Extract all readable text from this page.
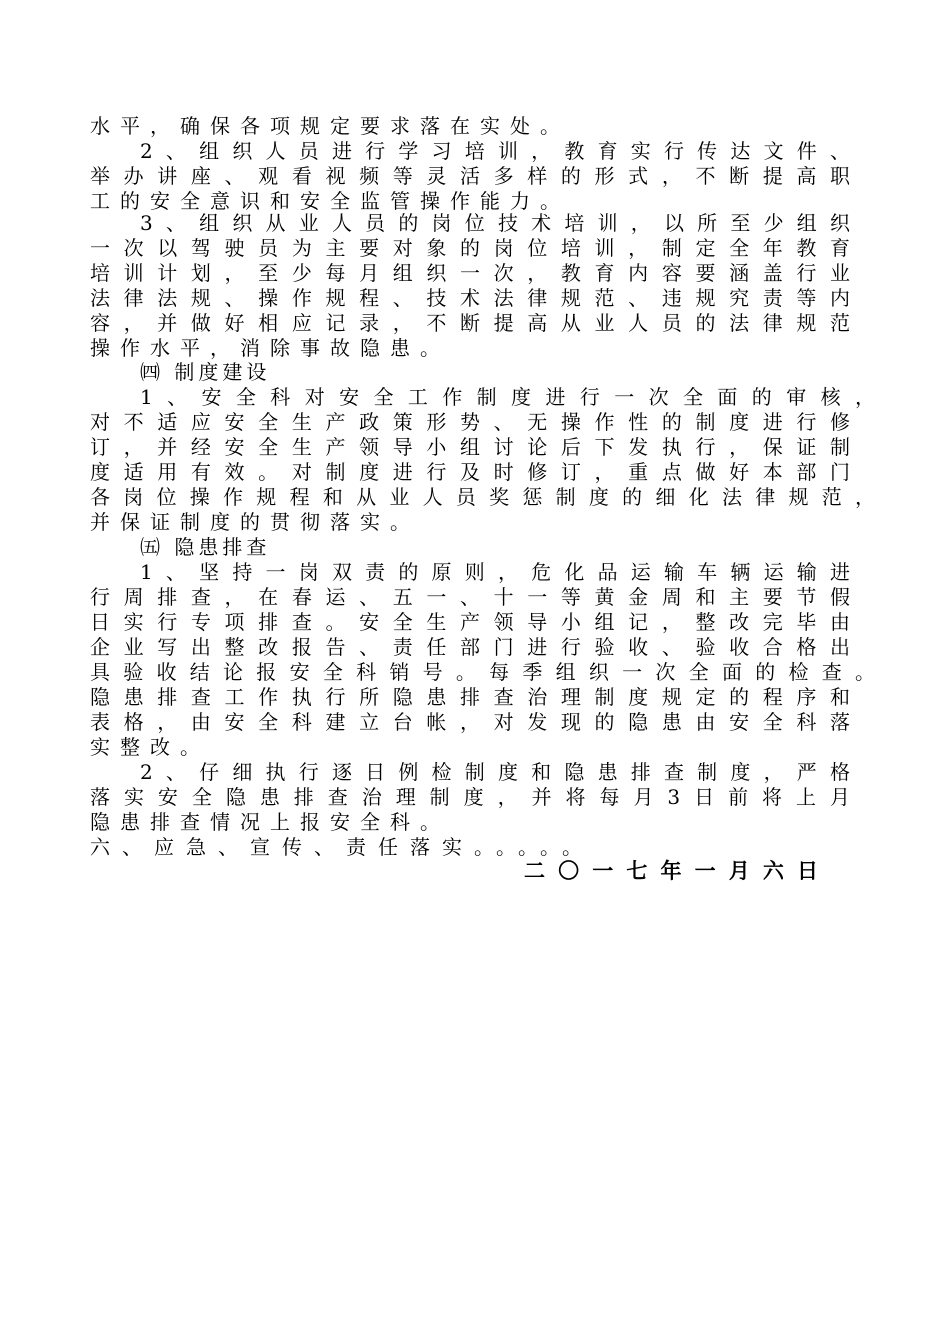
水平，确保各项规定要求落在实处。
2、组织人员进行学习培训，教育实行传达文件、
举办讲座、观看视频等灵活多样的形式，不断提高职
工的安全意识和安全监管操作能力。
3、组织从业人员的岗位技术培训，以所至少组织
一次以驾驶员为主要对象的岗位培训，制定全年教育
培训计划，至少每月组织一次，教育内容要涵盖行业
法律法规、操作规程、技术法律规范、违规究责等内
容，并做好相应记录，不断提高从业人员的法律规范
操作水平，消除事故隐患。
㈣ 制度建设
1、安全科对安全工作制度进行一次全面的审核，
对不适应安全生产政策形势、无操作性的制度进行修
订，并经安全生产领导小组讨论后下发执行，保证制
度适用有效。对制度进行及时修订，重点做好本部门
各岗位操作规程和从业人员奖惩制度的细化法律规范，
并保证制度的贯彻落实。
㈤ 隐患排查
1、坚持一岗双责的原则，危化品运输车辆运输进
行周排查，在春运、五一、十一等黄金周和主要节假
日实行专项排查。安全生产领导小组记，整改完毕由
企业写出整改报告、责任部门进行验收、验收合格出
具验收结论报安全科销号。每季组织一次全面的检查。
隐患排查工作执行所隐患排查治理制度规定的程序和
表格，由安全科建立台帐，对发现的隐患由安全科落
实整改。
2、仔细执行逐日例检制度和隐患排查制度，严格
落实安全隐患排查治理制度，并将每月3日前将上月
隐患排查情况上报安全科。
六、应急、宣传、责任落实。。。。。
二〇一七年一月六日
